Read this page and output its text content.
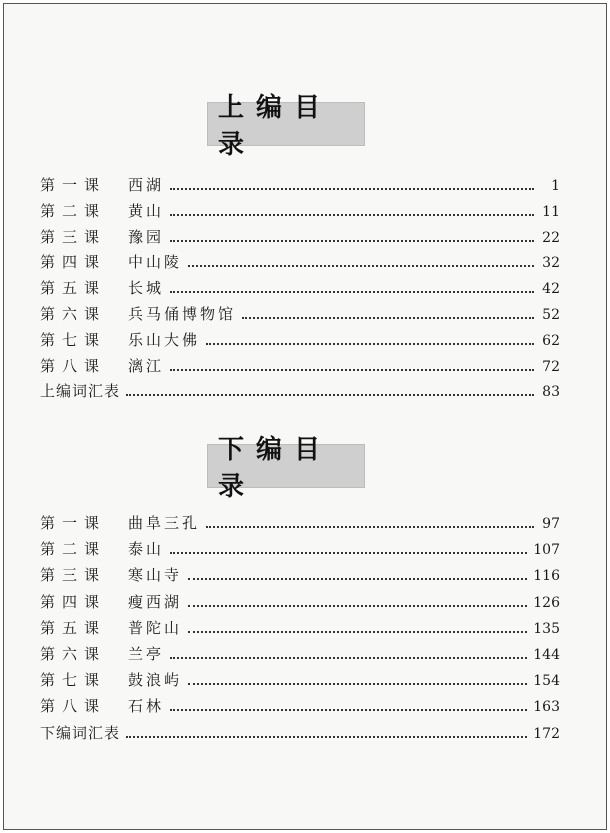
上编目录
第一课	西湖	1
第二课	黄山	11
第三课	豫园	22
第四课	中山陵	32
第五课	长城	42
第六课	兵马俑博物馆	52
第七课	乐山大佛	62
第八课	漓江	72
上编词汇表	83
下编目录
第一课	曲阜三孔	97
第二课	泰山	107
第三课	寒山寺	116
第四课	瘦西湖	126
第五课	普陀山	135
第六课	兰亭	144
第七课	鼓浪屿	154
第八课	石林	163
下编词汇表	172
